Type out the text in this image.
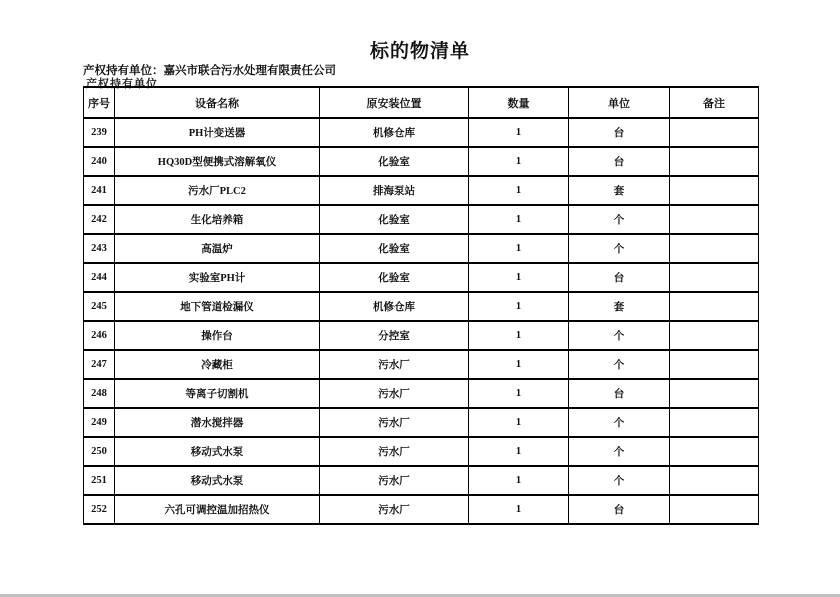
标的物清单
产权持有单位：嘉兴市联合污水处理有限责任公司
产权持有单位
序号	设备名称	原安装位置	数量	单位	备注
239	PH计变送器	机修仓库	1	台	
240	HQ30D型便携式溶解氧仪	化验室	1	台	
241	污水厂PLC2	排海泵站	1	套	
242	生化培养箱	化验室	1	个	
243	高温炉	化验室	1	个	
244	实验室PH计	化验室	1	台	
245	地下管道检漏仪	机修仓库	1	套	
246	操作台	分控室	1	个	
247	冷藏柜	污水厂	1	个	
248	等离子切割机	污水厂	1	台	
249	潜水搅拌器	污水厂	1	个	
250	移动式水泵	污水厂	1	个	
251	移动式水泵	污水厂	1	个	
252	六孔可调控温加招热仪	污水厂	1	台	
